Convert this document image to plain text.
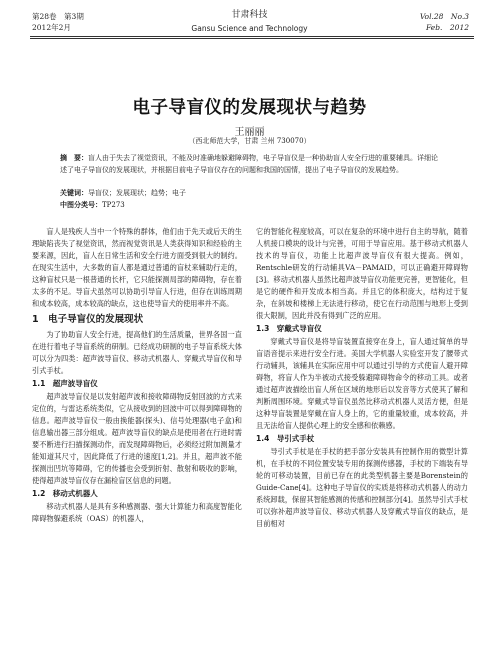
第28卷　第3期
2012年2月
甘肃科技
Gansu Science and Technology
Vol.28　No.3
Feb.　2012
电子导盲仪的发展现状与趋势
王丽丽
（西北师范大学，甘肃 兰州 730070）
摘　要：盲人由于失去了视觉资讯，不能及时准确地躲避障碍物，电子导盲仪是一种协助盲人安全行进的重要辅具。详细论述了电子导盲仪的发展现状，并根据目前电子导盲仪存在的问题和我国的国情，提出了电子导盲仪的发展趋势。
关键词：导盲仪；发展现状；趋势；电子
中图分类号：TP273

盲人是残疾人当中一个特殊的群体，他们由于先天或后天的生理缺陷丧失了视觉资讯，然而视觉资讯是人类获得知识和经验的主要来源，因此，盲人在日常生活和安全行进方面受到很大的制约。在现实生活中，大多数的盲人都是通过普通的盲杖来辅助行走的，这种盲杖只是一根普通的长杆，它只能探测局部的障碍物，存在着太多的不足。导盲犬虽然可以协助引导盲人行进，但存在训练周期和成本较高，成本较高的缺点，这也使导盲犬的使用率并不高。

1　电子导盲仪的发展现状

为了协助盲人安全行进，提高他们的生活质量，世界各国一直在进行着电子导盲系统的研制。已经成功研制的电子导盲系统大体可以分为四类：超声波导盲仪、移动式机器人、穿戴式导盲仪和导引式手杖。

1.1　超声波导盲仪

超声波导盲仪是以发射超声波和接收障碍物反射回波的方式来定位的，与雷达系统类似，它从接收到的回波中可以得到障碍物的信息。超声波导盲仪一般由换能器(探头)、信号处理器(电子盒)和信息输出器三部分组成。超声波导盲仪的缺点是使用者在行进时需要不断进行扫描探测动作，而发现障碍物后，必须经过附加测量才能知道其尺寸，因此降低了行进的速度[1,2]。并且，超声波不能探测出凹坑等障碍，它的传播也会受到折射、散射和吸收的影响，使得超声波导盲仪存在漏检盲区信息的问题。

1.2　移动式机器人

移动式机器人是具有多种感测器、强大计算能力和高度智能化障碍物躲避系统（OAS）的机器人，

它的智能化程度较高，可以在复杂的环境中进行自主的导航，随着人机接口模块的设计与完善，可用于导盲应用。基于移动式机器人技术的导盲仪，功能上比超声波导盲仪有很大提高。例如，Rentschle研发的行动辅具VA－PAMAID，可以正确避开障碍物[3]。移动式机器人虽然比超声波导盲仪功能更完善，更智能化，但是它的硬件和开发成本相当高。并且它的体积庞大，结构过于复杂，在斜坡和楼梯上无法进行移动，使它在行动范围与地形上受到很大限制，因此并没有得到广泛的应用。

1.3　穿戴式导盲仪

穿戴式导盲仪是将导盲装置直接穿在身上，盲人通过简单的导盲语音提示来进行安全行进。美国大学机器人实验室开发了腰带式行动辅具，该辅具在实际应用中可以通过引导的方式使盲人避开障碍物，将盲人作为半被动式接受躲避障碍物命令的移动工具。或者通过超声波描绘出盲人所在区域的地形后以发音等方式使其了解和判断周围环境。穿戴式导盲仪虽然比移动式机器人灵活方便，但是这种导盲装置是穿戴在盲人身上的，它的重量较重，成本较高，并且无法给盲人提供心理上的安全感和依赖感。

1.4　导引式手杖

导引式手杖是在手杖的把手部分安装具有控制作用的微型计算机，在手杖的不同位置安装专用的探测传感器，手杖的下端装有导轮的可移动装置，目前已存在的此类型机器主要是Borenstein的Guide-Cane[4]。这种电子导盲仪的实质是将移动式机器人的动力系统卸载，保留其智能感测的传感和控制部分[4]。虽然导引式手杖可以弥补超声波导盲仪、移动式机器人及穿戴式导盲仪的缺点，是目前相对
